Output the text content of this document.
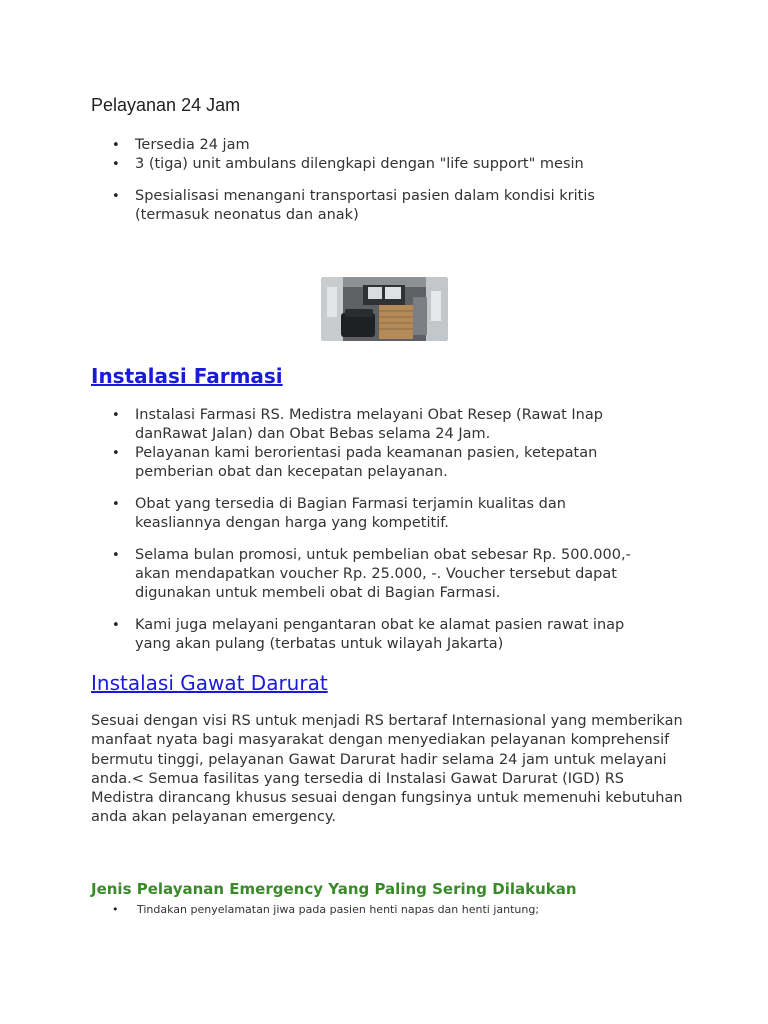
Pelayanan 24 Jam
• Tersedia 24 jam
• 3 (tiga) unit ambulans dilengkapi dengan "life support" mesin
• Spesialisasi menangani transportasi pasien dalam kondisi kritis (termasuk neonatus dan anak)
Instalasi Farmasi
• Instalasi Farmasi RS. Medistra melayani Obat Resep (Rawat Inap danRawat Jalan) dan Obat Bebas selama 24 Jam.
• Pelayanan kami berorientasi pada keamanan pasien, ketepatan pemberian obat dan kecepatan pelayanan.
• Obat yang tersedia di Bagian Farmasi terjamin kualitas dan keasliannya dengan harga yang kompetitif.
• Selama bulan promosi, untuk pembelian obat sebesar Rp. 500.000,- akan mendapatkan voucher Rp. 25.000, -. Voucher tersebut dapat digunakan untuk membeli obat di Bagian Farmasi.
• Kami juga melayani pengantaran obat ke alamat pasien rawat inap yang akan pulang (terbatas untuk wilayah Jakarta)
Instalasi Gawat Darurat

Sesuai dengan visi RS untuk menjadi RS bertaraf Internasional yang memberikan manfaat nyata bagi masyarakat dengan menyediakan pelayanan komprehensif bermutu tinggi, pelayanan Gawat Darurat hadir selama 24 jam untuk melayani anda.< Semua fasilitas yang tersedia di Instalasi Gawat Darurat (IGD) RS Medistra dirancang khusus sesuai dengan fungsinya untuk memenuhi kebutuhan anda akan pelayanan emergency.

Jenis Pelayanan Emergency Yang Paling Sering Dilakukan
• Tindakan penyelamatan jiwa pada pasien henti napas dan henti jantung;
